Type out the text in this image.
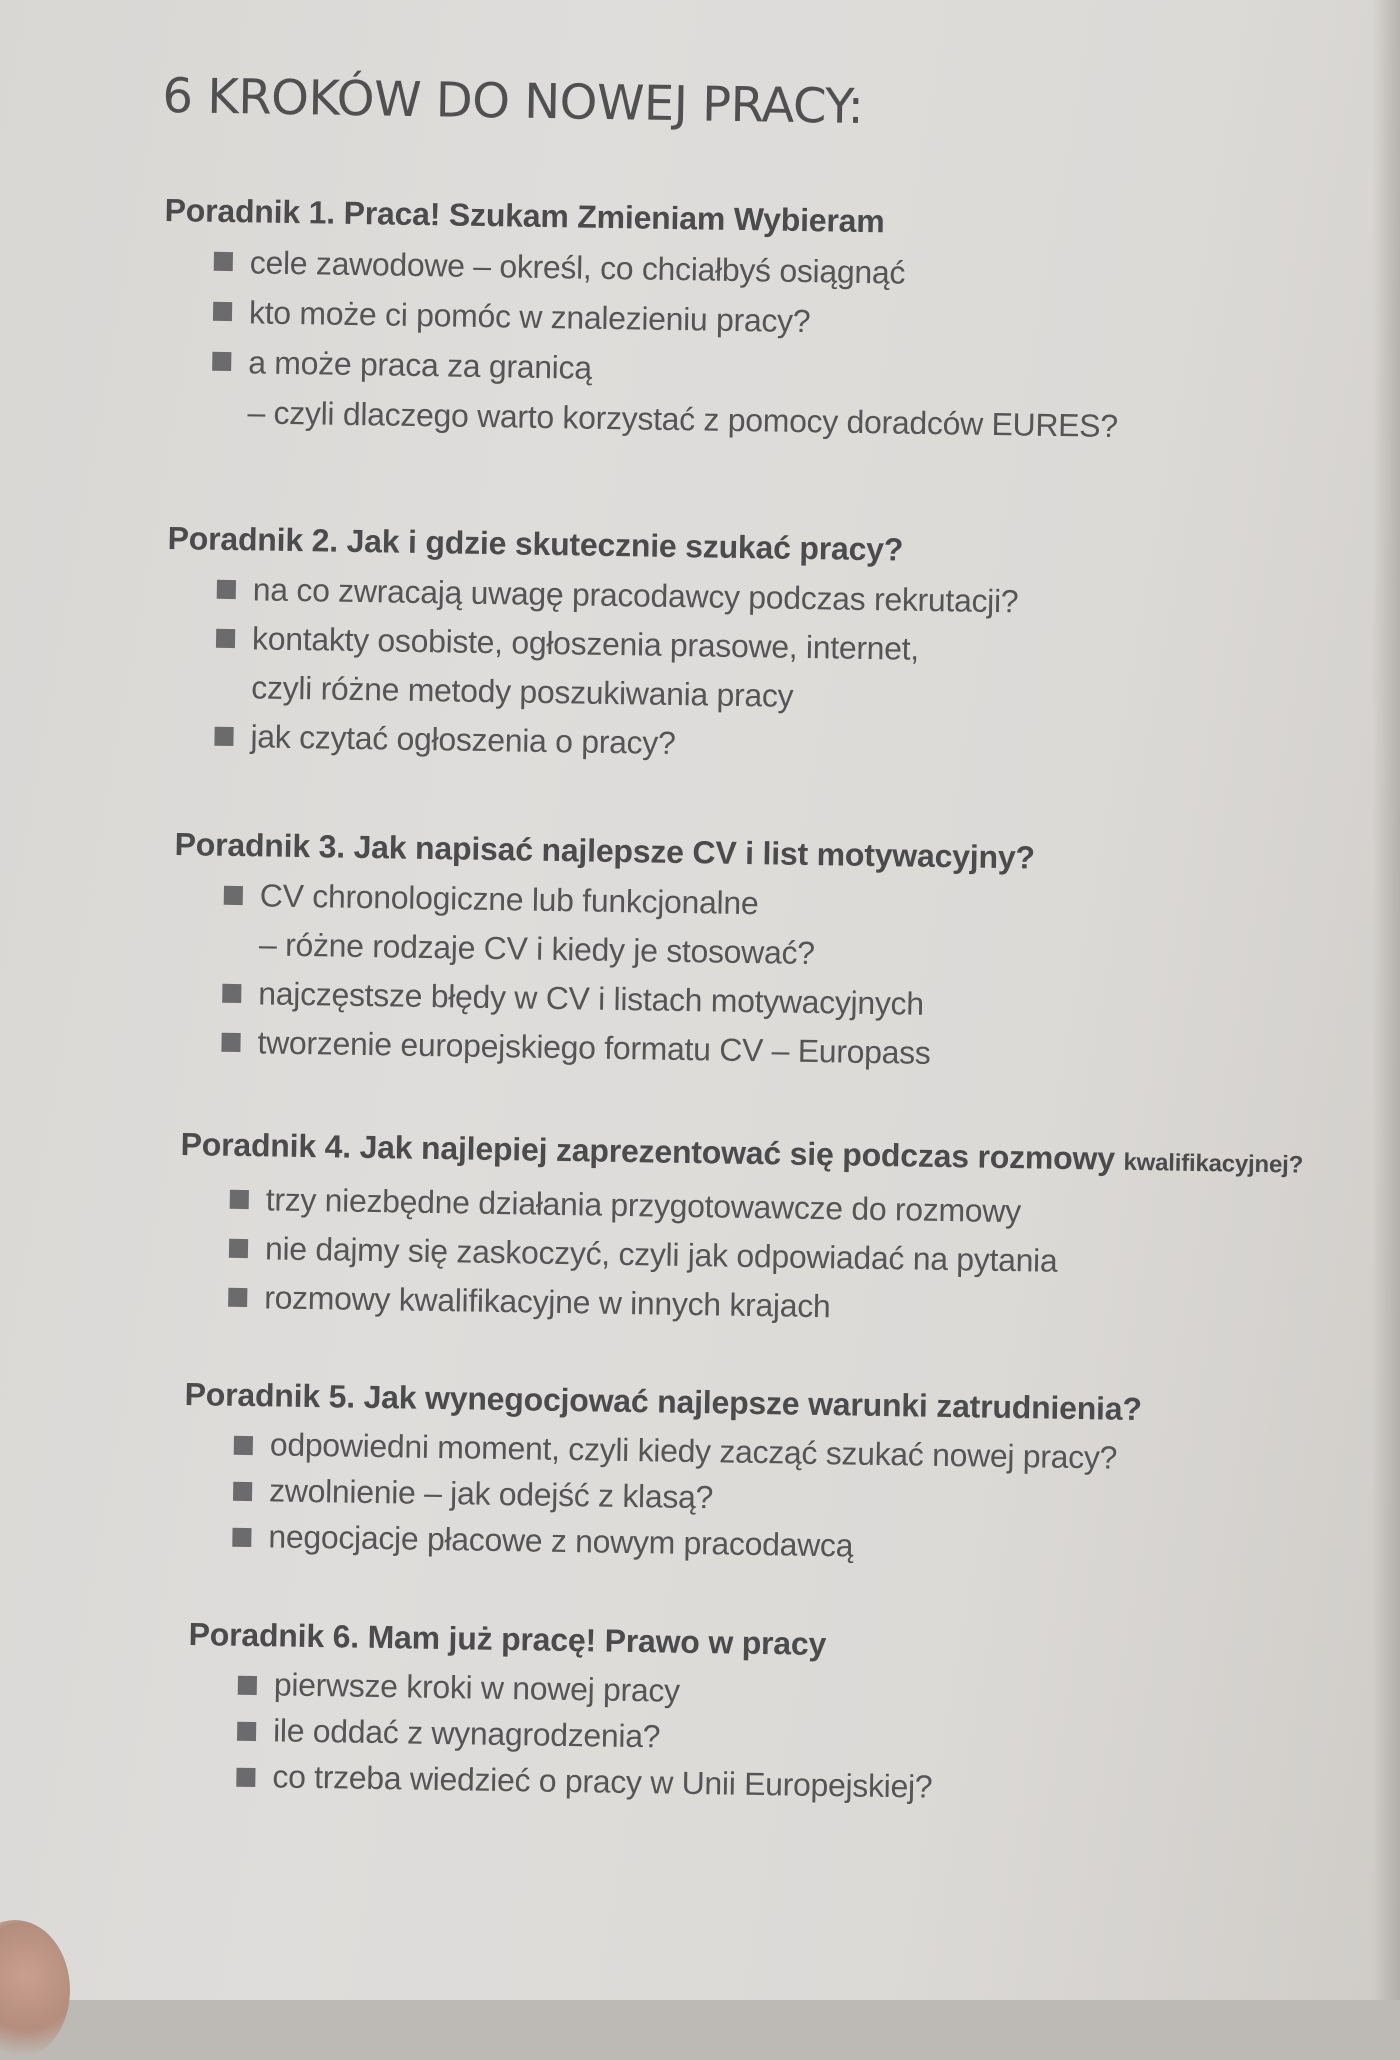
6 KROKÓW DO NOWEJ PRACY:
Poradnik 1. Praca! Szukam Zmieniam Wybieram
cele zawodowe – określ, co chciałbyś osiągnąć
kto może ci pomóc w znalezieniu pracy?
a może praca za granicą
– czyli dlaczego warto korzystać z pomocy doradców EURES?
Poradnik 2. Jak i gdzie skutecznie szukać pracy?
na co zwracają uwagę pracodawcy podczas rekrutacji?
kontakty osobiste, ogłoszenia prasowe, internet,
czyli różne metody poszukiwania pracy
jak czytać ogłoszenia o pracy?
Poradnik 3. Jak napisać najlepsze CV i list motywacyjny?
CV chronologiczne lub funkcjonalne
– różne rodzaje CV i kiedy je stosować?
najczęstsze błędy w CV i listach motywacyjnych
tworzenie europejskiego formatu CV – Europass
Poradnik 4. Jak najlepiej zaprezentować się podczas rozmowy kwalifikacyjnej?
trzy niezbędne działania przygotowawcze do rozmowy
nie dajmy się zaskoczyć, czyli jak odpowiadać na pytania
rozmowy kwalifikacyjne w innych krajach
Poradnik 5. Jak wynegocjować najlepsze warunki zatrudnienia?
odpowiedni moment, czyli kiedy zacząć szukać nowej pracy?
zwolnienie – jak odejść z klasą?
negocjacje płacowe z nowym pracodawcą
Poradnik 6. Mam już pracę! Prawo w pracy
pierwsze kroki w nowej pracy
ile oddać z wynagrodzenia?
co trzeba wiedzieć o pracy w Unii Europejskiej?
